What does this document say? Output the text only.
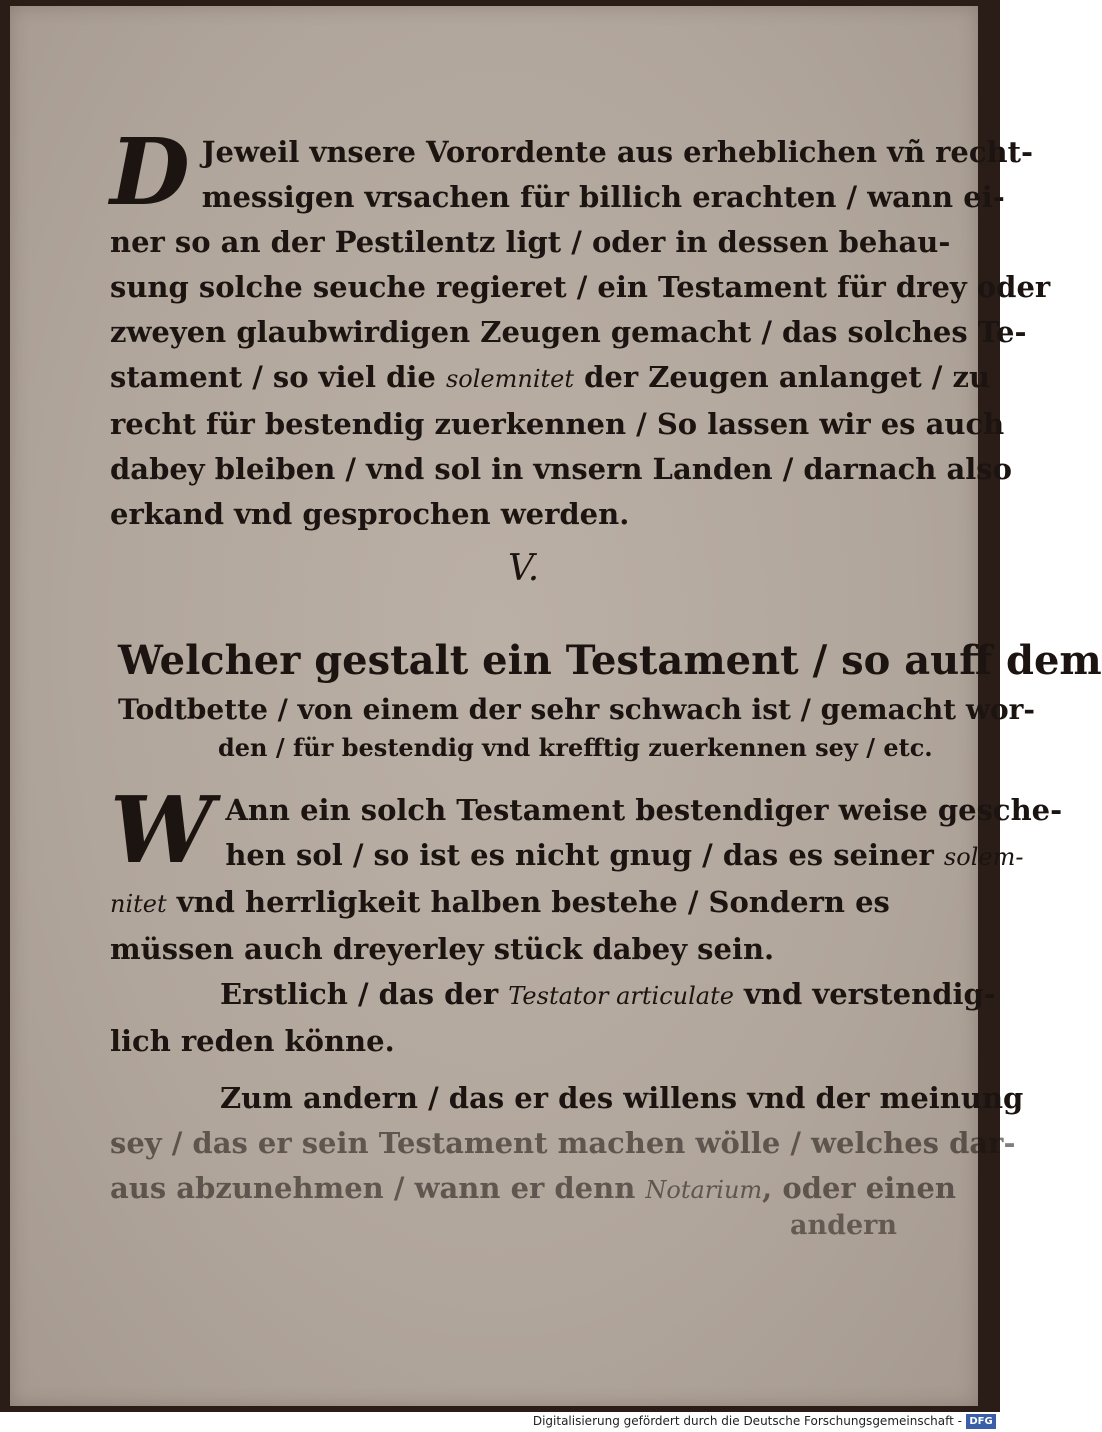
D Jeweil vnsere Vorordente aus erheblichen vñ recht-
messigen vrsachen für billich erachten / wann ei-
ner so an der Pestilentz ligt / oder in dessen behau-
sung solche seuche regieret / ein Testament für drey oder
zweyen glaubwirdigen Zeugen gemacht / das solches Te-
stament / so viel die solemnitet der Zeugen anlanget / zu
recht für bestendig zuerkennen / So lassen wir es auch
dabey bleiben / vnd sol in vnsern Landen / darnach also
erkand vnd gesprochen werden.
V.
Welcher gestalt ein Testament / so auff dem
Todtbette / von einem der sehr schwach ist / gemacht wor-
den / für bestendig vnd krefftig zuerkennen sey / etc.
W Ann ein solch Testament bestendiger weise gesche-
hen sol / so ist es nicht gnug / das es seiner solem-
nitet vnd herrligkeit halben bestehe / Sondern es
müssen auch dreyerley stück dabey sein.
Erstlich / das der Testator articulate vnd verstendig-
lich reden könne.
Zum andern / das er des willens vnd der meinung
sey / das er sein Testament machen wölle / welches dar-
aus abzunehmen / wann er denn Notarium, oder einen
andern
Digitalisierung gefördert durch die Deutsche Forschungsgemeinschaft - DFG
